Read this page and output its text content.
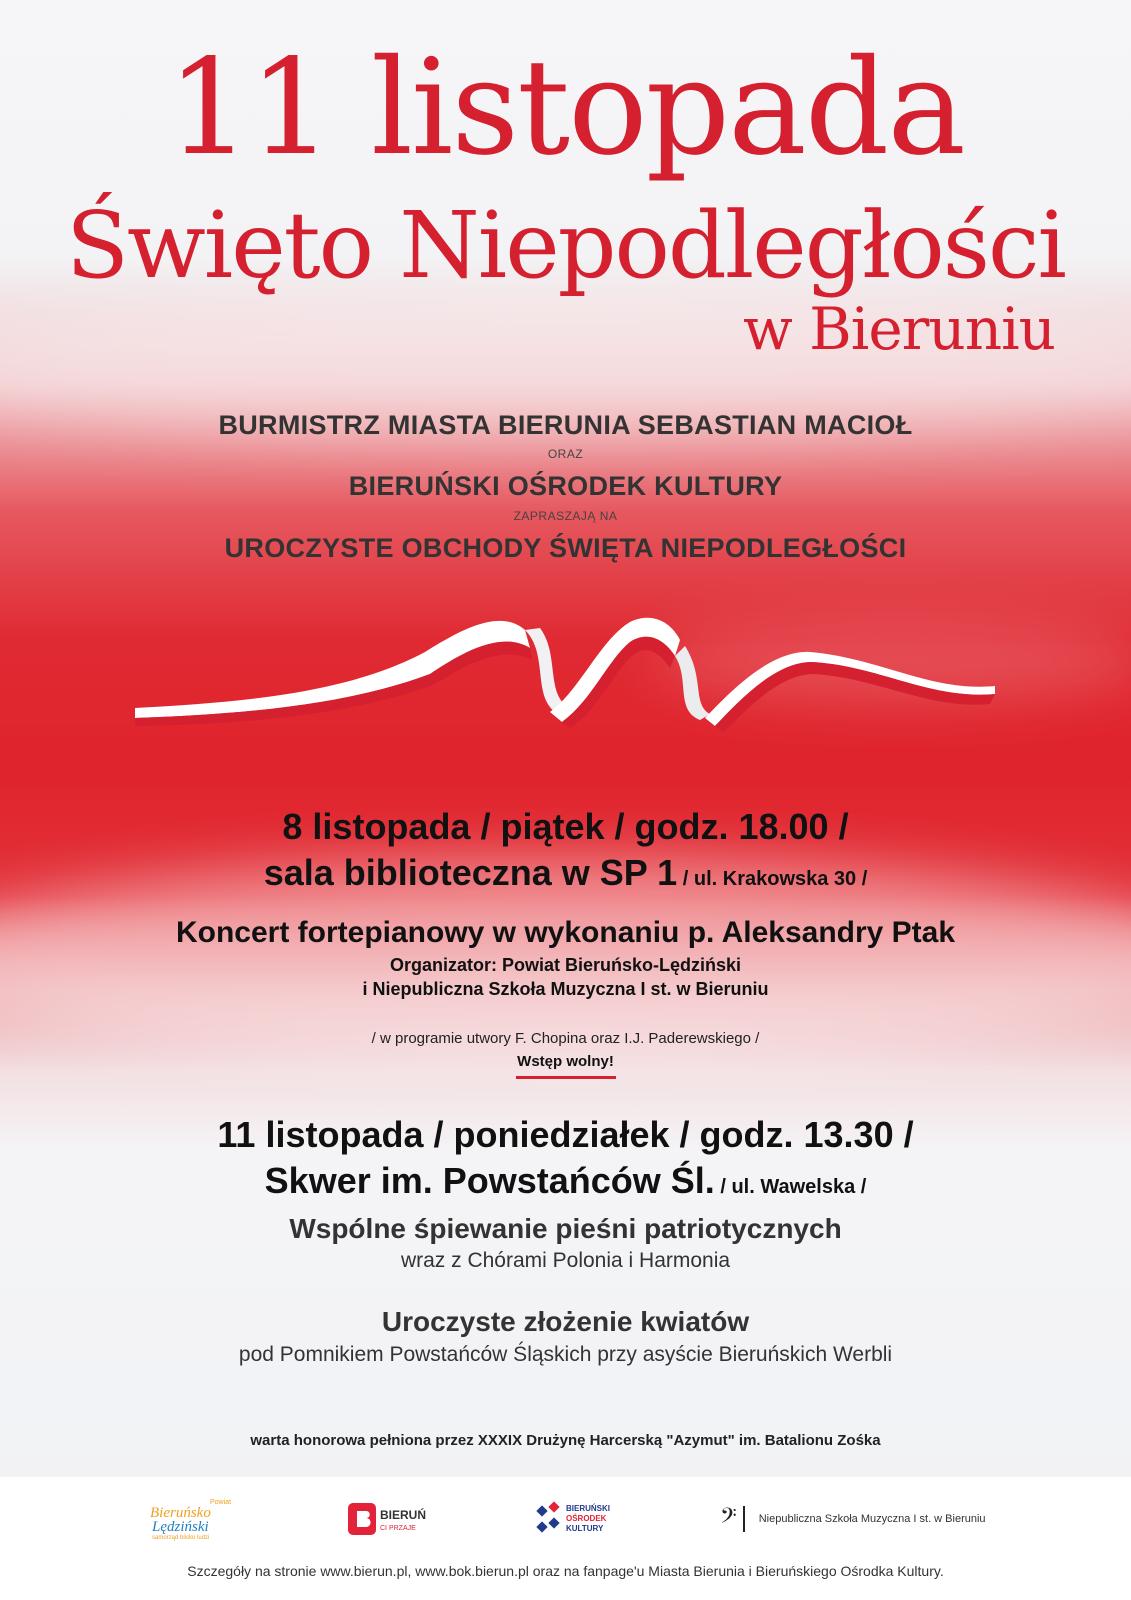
11 listopada
Święto Niepodległości
w Bieruniu
BURMISTRZ MIASTA BIERUNIA SEBASTIAN MACIOŁ
ORAZ
BIERUŃSKI OŚRODEK KULTURY
ZAPRASZAJĄ NA
UROCZYSTE OBCHODY ŚWIĘTA NIEPODLEGŁOŚCI
8 listopada / piątek / godz. 18.00 /
sala biblioteczna w SP 1 / ul. Krakowska 30 /
Koncert fortepianowy w wykonaniu p. Aleksandry Ptak
Organizator: Powiat Bieruńsko-Lędziński
i Niepubliczna Szkoła Muzyczna I st. w Bieruniu
/ w programie utwory F. Chopina oraz I.J. Paderewskiego /
Wstęp wolny!
11 listopada / poniedziałek / godz. 13.30 /
Skwer im. Powstańców Śl. / ul. Wawelska /
Wspólne śpiewanie pieśni patriotycznych
wraz z Chórami Polonia i Harmonia
Uroczyste złożenie kwiatów
pod Pomnikiem Powstańców Śląskich przy asyście Bieruńskich Werbli
warta honorowa pełniona przez XXXIX Drużynę Harcerską "Azymut" im. Batalionu Zośka
Powiat
Bieruńsko
Lędziński
samorząd blisko ludzi
BIERUŃ
CI PRZAJE
BIERUŃSKI
OŚRODEK
KULTURY	𝄢 Niepubliczna Szkoła Muzyczna I st. w Bieruniu
Szczegóły na stronie www.bierun.pl, www.bok.bierun.pl oraz na fanpage'u Miasta Bierunia i Bieruńskiego Ośrodka Kultury.
